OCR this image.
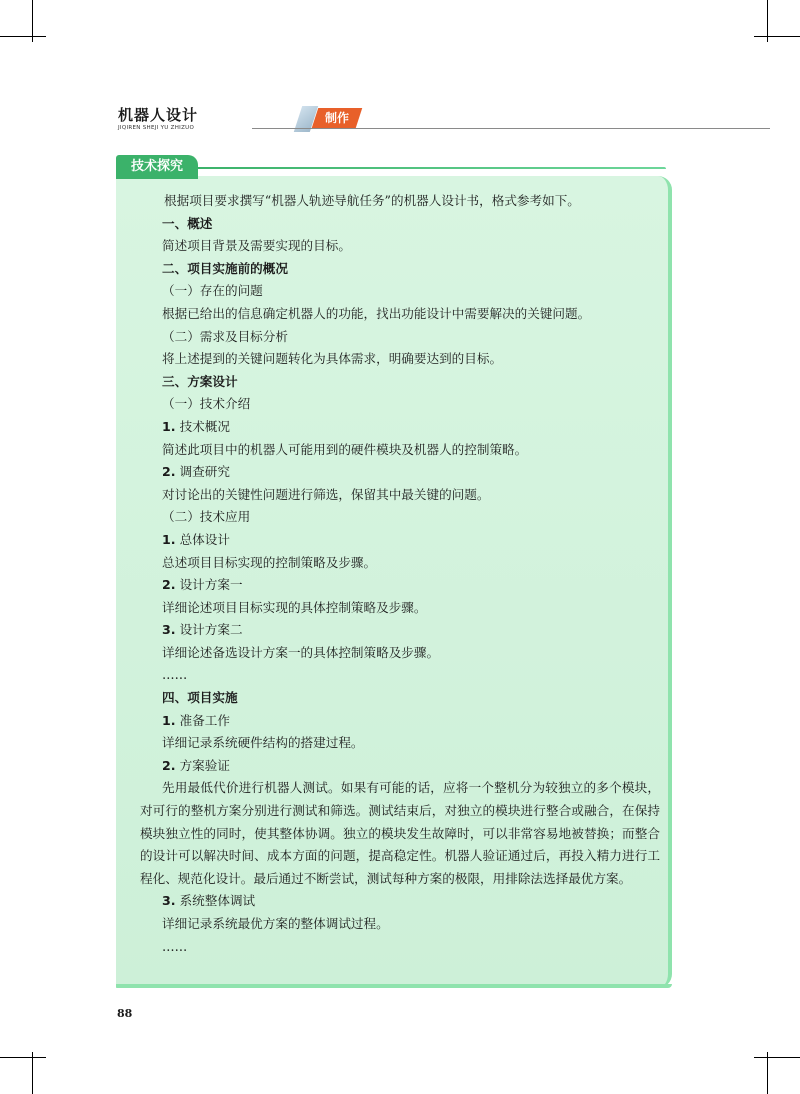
机器人设计
JIQIREN SHEJI YU ZHIZUO
制作
技术探究

根据项目要求撰写“机器人轨迹导航任务”的机器人设计书，格式参考如下。

一、概述

简述项目背景及需要实现的目标。

二、项目实施前的概况

（一）存在的问题

根据已给出的信息确定机器人的功能，找出功能设计中需要解决的关键问题。

（二）需求及目标分析

将上述提到的关键问题转化为具体需求，明确要达到的目标。

三、方案设计

（一）技术介绍

1. 技术概况

简述此项目中的机器人可能用到的硬件模块及机器人的控制策略。

2. 调查研究

对讨论出的关键性问题进行筛选，保留其中最关键的问题。

（二）技术应用

1. 总体设计

总述项目目标实现的控制策略及步骤。

2. 设计方案一

详细论述项目目标实现的具体控制策略及步骤。

3. 设计方案二

详细论述备选设计方案一的具体控制策略及步骤。

……

四、项目实施

1. 准备工作

详细记录系统硬件结构的搭建过程。

2. 方案验证

先用最低代价进行机器人测试。如果有可能的话，应将一个整机分为较独立的多个模块，对可行的整机方案分别进行测试和筛选。测试结束后，对独立的模块进行整合或融合，在保持模块独立性的同时，使其整体协调。独立的模块发生故障时，可以非常容易地被替换；而整合的设计可以解决时间、成本方面的问题，提高稳定性。机器人验证通过后，再投入精力进行工程化、规范化设计。最后通过不断尝试，测试每种方案的极限，用排除法选择最优方案。

3. 系统整体调试

详细记录系统最优方案的整体调试过程。

……

88
